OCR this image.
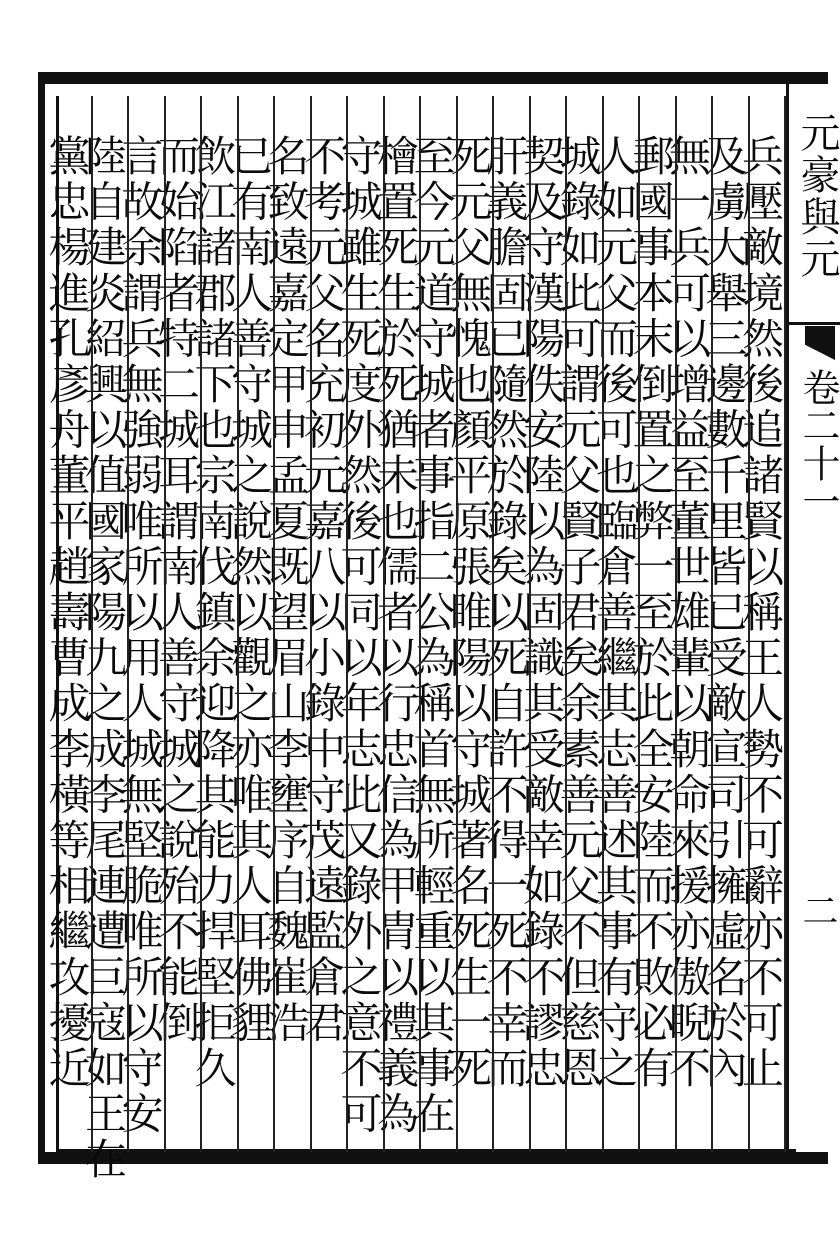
兵壓敵境然後追諸賢以稱王人勢不可辭亦不可止
及虜大舉三邊數千里皆已受敵宣司引擁虛名於內
無一兵可以增益至董世雄輩以朝命來援亦傲睨不
郵國事本末倒置之弊一至於此全安陸而不敗必有
人如元父而後可也臨倉善繼其志善述其事有守之
城錄如此可謂元父賢子君矣余素善元父不但慈恩
契及守漢陽佚安陸以為固識其受敵幸如錄不謬忠
肝義膽固已隨然於錄矣以死自許不得一死不幸而
死元父無愧也顏平原張睢陽以守城著名死生一死
至今元道守城者事指二公為稱首無所輕重以其事在
檜置死生於死猶未也儒者以行忠信為甲胄以禮義為
守城雖生死度外然後可同以年志此又錄外之意不可
不考元父名充初元嘉八以小錄中守茂遠監倉君
名致遠嘉定甲申孟夏既望眉山李壅序自魏崔浩
已有南人善守城之說然以觀之亦唯其人耳佛貍
飲江諸郡諸下也宗南伐鎮余迎降其能力捍堅拒久
而始陷者特二城耳謂南人善守城之說殆不能倒
言故余謂兵無強弱唯所以用人城無堅脆唯所以守安
陸自建炎紹興以值國家陽九之成李尾連遭巨寇如王在
黨忠楊進孔彥舟董平趙壽曹成李橫等相繼攻擾近	元豪與元
卷二十一
二
